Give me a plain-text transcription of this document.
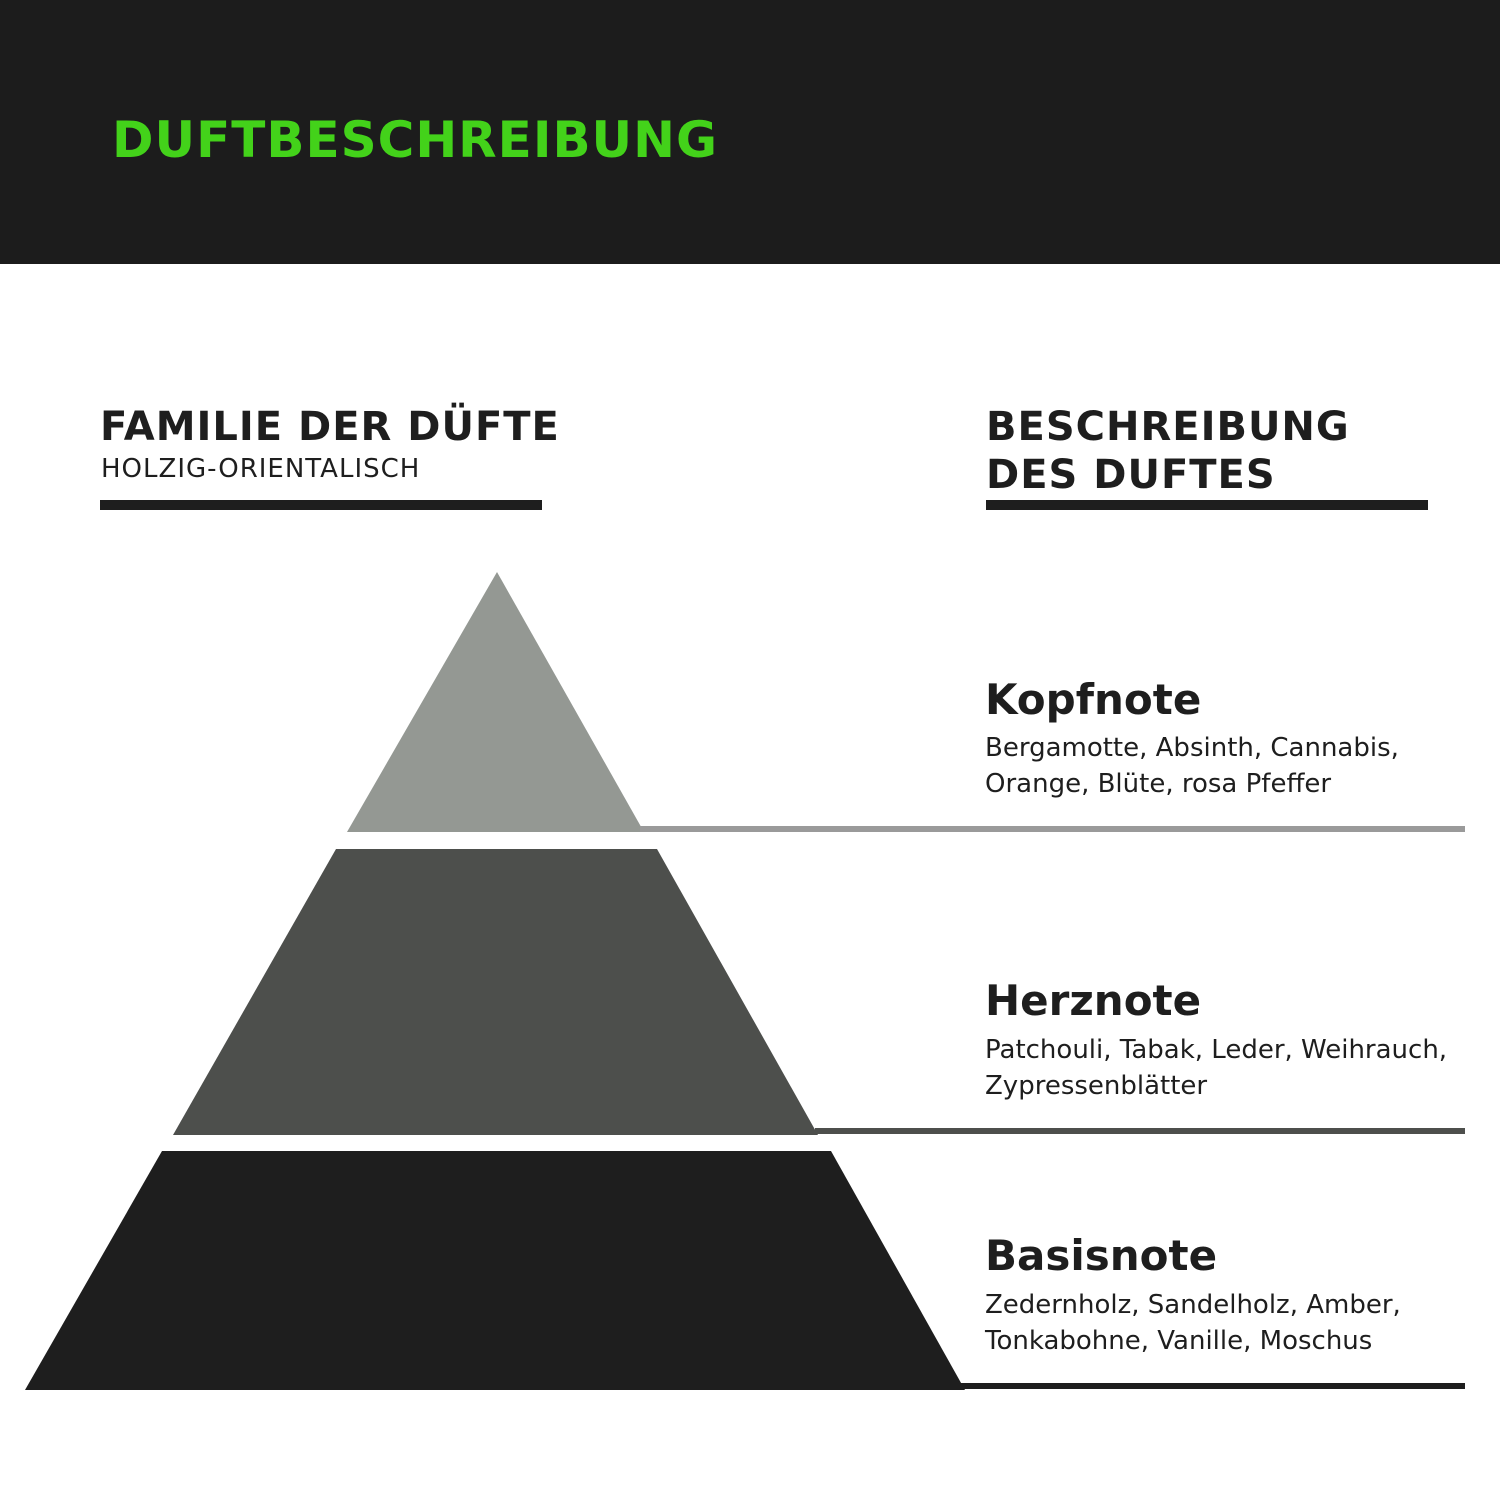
DUFTBESCHREIBUNG
FAMILIE DER DÜFTE

HOLZIG-ORIENTALISCH

BESCHREIBUNG DES DUFTES
Kopfnote

Bergamotte, Absinth, Cannabis, Orange, Blüte, rosa Pfeffer

Herznote

Patchouli, Tabak, Leder, Weihrauch, Zypressenblätter

Basisnote

Zedernholz, Sandelholz, Amber, Tonkabohne, Vanille, Moschus
